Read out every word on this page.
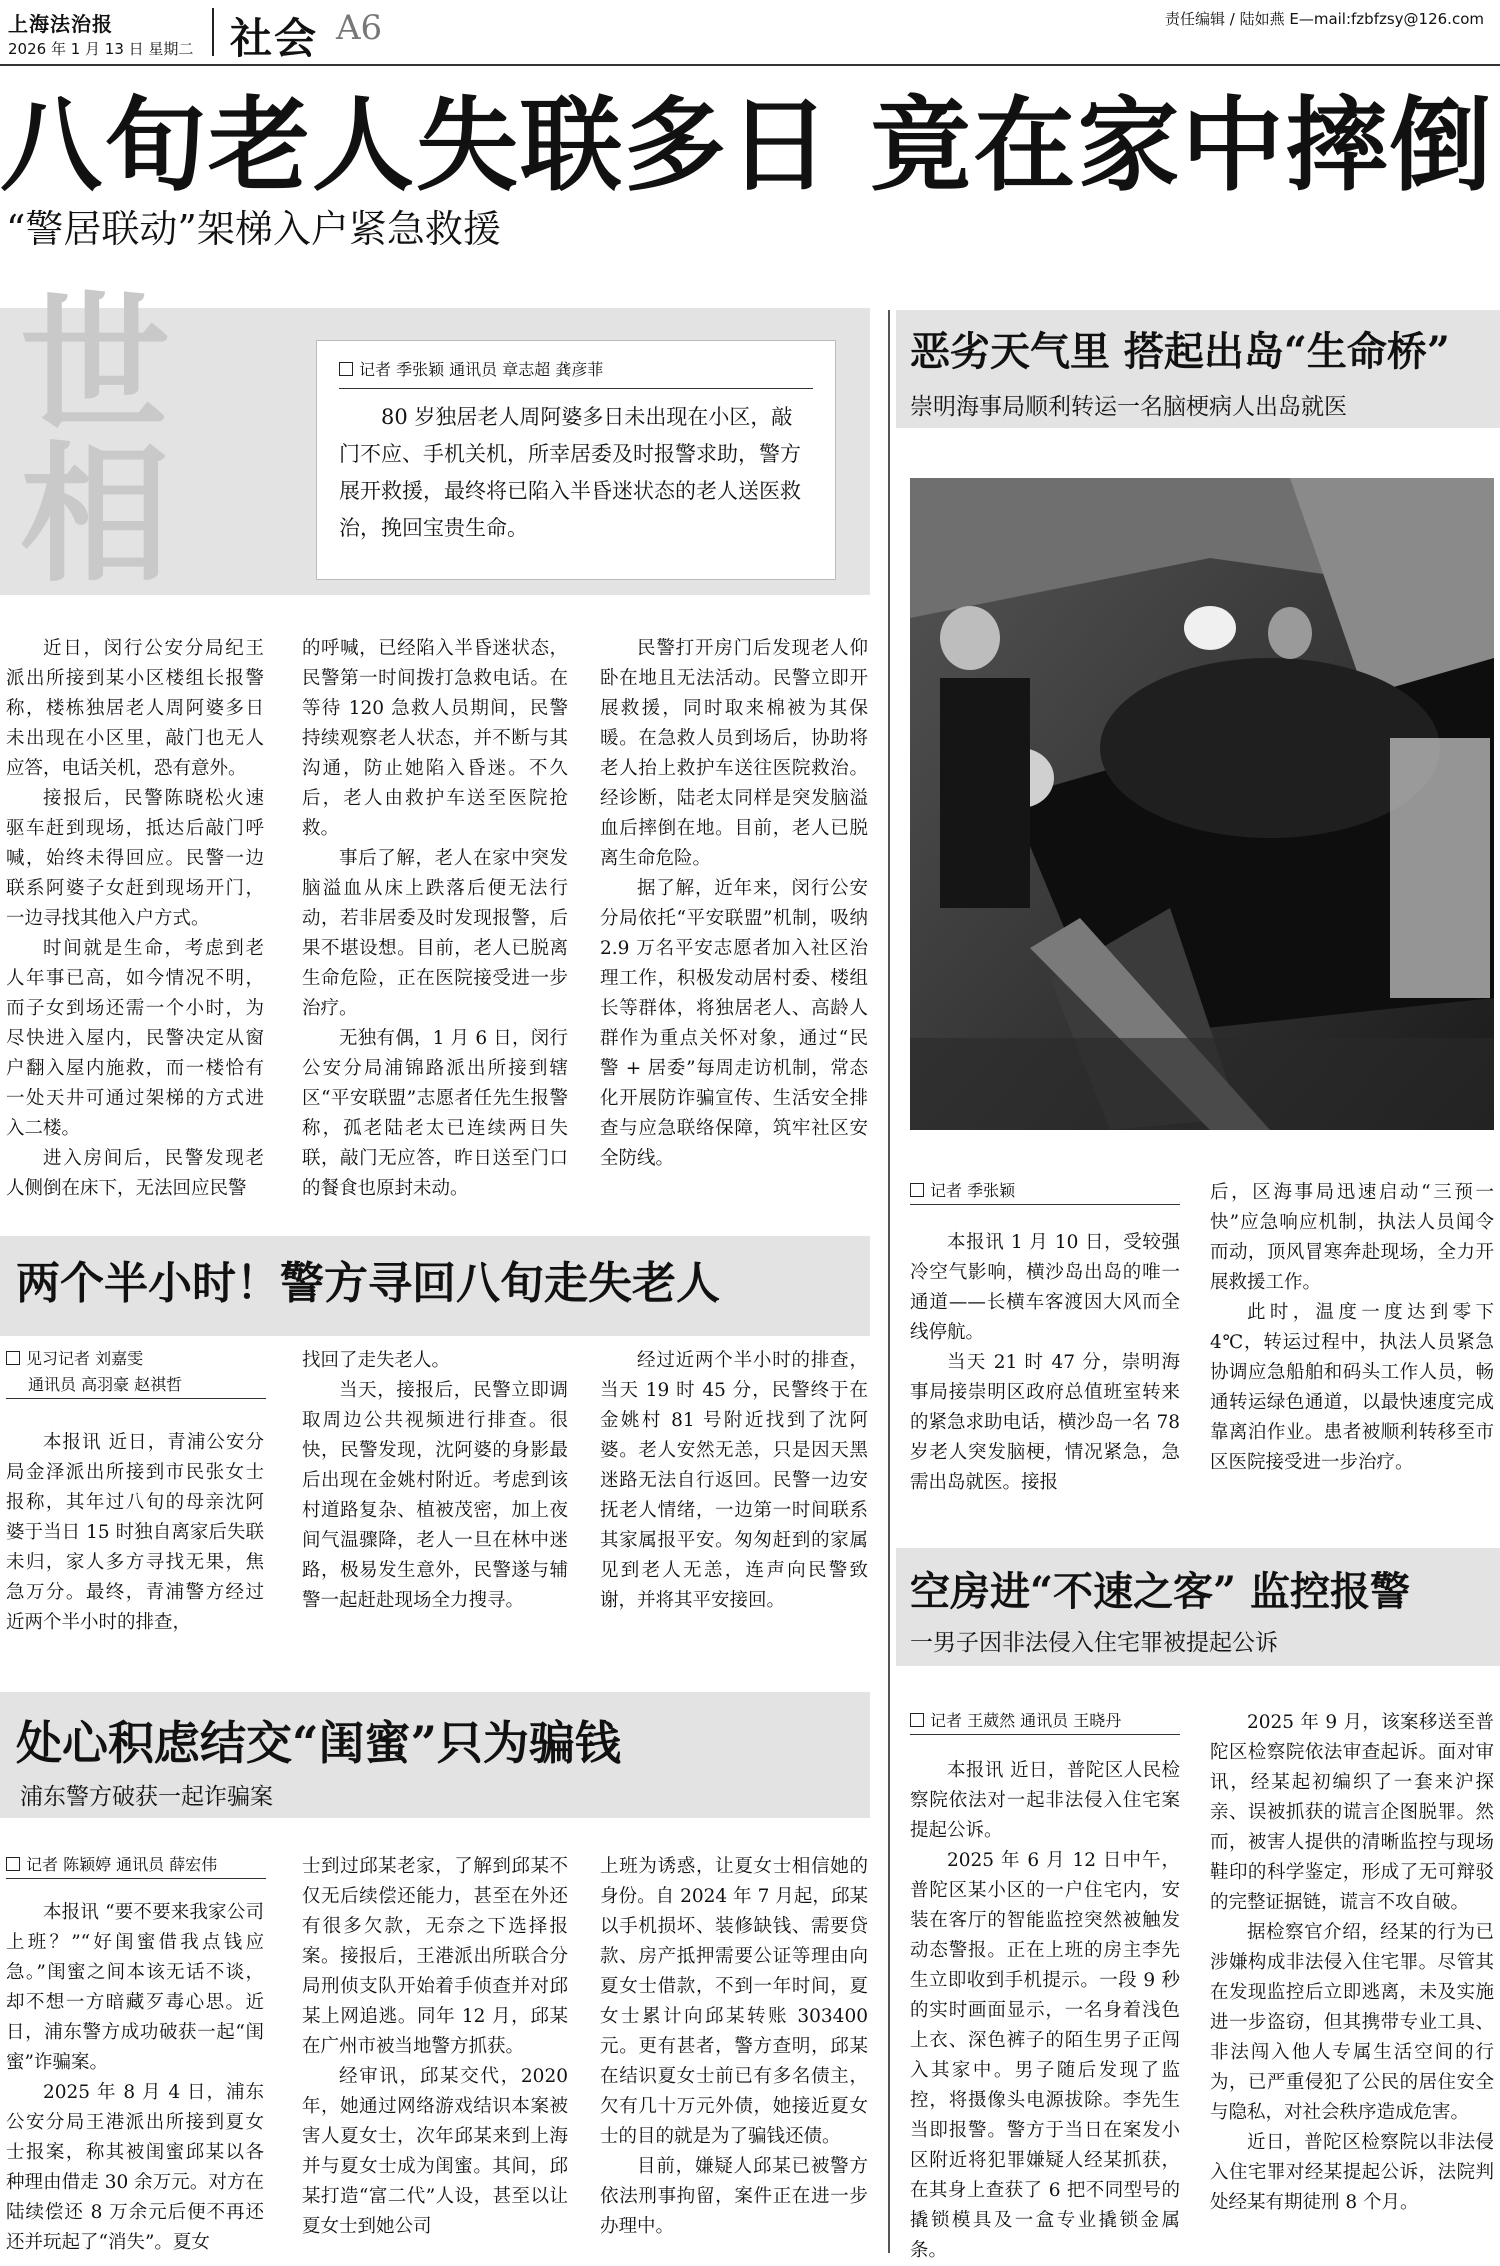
上海法治报
2026 年 1 月 13 日 星期二 社会 A6	责任编辑 / 陆如燕 E—mail:fzbfzsy@126.com
八旬老人失联多日 竟在家中摔倒
“警居联动”架梯入户紧急救援
世相
记者 季张颖 通讯员 章志超 龚彦菲
80 岁独居老人周阿婆多日未出现在小区，敲门不应、手机关机，所幸居委及时报警求助，警方展开救援，最终将已陷入半昏迷状态的老人送医救治，挽回宝贵生命。

近日，闵行公安分局纪王派出所接到某小区楼组长报警称，楼栋独居老人周阿婆多日未出现在小区里，敲门也无人应答，电话关机，恐有意外。

接报后，民警陈晓松火速驱车赶到现场，抵达后敲门呼喊，始终未得回应。民警一边联系阿婆子女赶到现场开门，一边寻找其他入户方式。

时间就是生命，考虑到老人年事已高，如今情况不明，而子女到场还需一个小时，为尽快进入屋内，民警决定从窗户翻入屋内施救，而一楼恰有一处天井可通过架梯的方式进入二楼。

进入房间后，民警发现老人侧倒在床下，无法回应民警

的呼喊，已经陷入半昏迷状态，民警第一时间拨打急救电话。在等待 120 急救人员期间，民警持续观察老人状态，并不断与其沟通，防止她陷入昏迷。不久后，老人由救护车送至医院抢救。

事后了解，老人在家中突发脑溢血从床上跌落后便无法行动，若非居委及时发现报警，后果不堪设想。目前，老人已脱离生命危险，正在医院接受进一步治疗。

无独有偶，1 月 6 日，闵行公安分局浦锦路派出所接到辖区“平安联盟”志愿者任先生报警称，孤老陆老太已连续两日失联，敲门无应答，昨日送至门口的餐食也原封未动。

民警打开房门后发现老人仰卧在地且无法活动。民警立即开展救援，同时取来棉被为其保暖。在急救人员到场后，协助将老人抬上救护车送往医院救治。经诊断，陆老太同样是突发脑溢血后摔倒在地。目前，老人已脱离生命危险。

据了解，近年来，闵行公安分局依托“平安联盟”机制，吸纳 2.9 万名平安志愿者加入社区治理工作，积极发动居村委、楼组长等群体，将独居老人、高龄人群作为重点关怀对象，通过“民警 + 居委”每周走访机制，常态化开展防诈骗宣传、生活安全排查与应急联络保障，筑牢社区安全防线。

恶劣天气里 搭起出岛“生命桥”
崇明海事局顺利转运一名脑梗病人出岛就医
记者 季张颖

本报讯 1 月 10 日，受较强冷空气影响，横沙岛出岛的唯一通道——长横车客渡因大风而全线停航。

当天 21 时 47 分，崇明海事局接崇明区政府总值班室转来的紧急求助电话，横沙岛一名 78 岁老人突发脑梗，情况紧急，急需出岛就医。接报

后，区海事局迅速启动“三预一快”应急响应机制，执法人员闻令而动，顶风冒寒奔赴现场，全力开展救援工作。

此时，温度一度达到零下 4℃，转运过程中，执法人员紧急协调应急船舶和码头工作人员，畅通转运绿色通道，以最快速度完成靠离泊作业。患者被顺利转移至市区医院接受进一步治疗。

两个半小时！警方寻回八旬走失老人
见习记者 刘嘉雯
通讯员 高羽豪 赵祺哲

本报讯 近日，青浦公安分局金泽派出所接到市民张女士报称，其年过八旬的母亲沈阿婆于当日 15 时独自离家后失联未归，家人多方寻找无果，焦急万分。最终，青浦警方经过近两个半小时的排查，

找回了走失老人。

当天，接报后，民警立即调取周边公共视频进行排查。很快，民警发现，沈阿婆的身影最后出现在金姚村附近。考虑到该村道路复杂、植被茂密，加上夜间气温骤降，老人一旦在林中迷路，极易发生意外，民警遂与辅警一起赶赴现场全力搜寻。

经过近两个半小时的排查，当天 19 时 45 分，民警终于在金姚村 81 号附近找到了沈阿婆。老人安然无恙，只是因天黑迷路无法自行返回。民警一边安抚老人情绪，一边第一时间联系其家属报平安。匆匆赶到的家属见到老人无恙，连声向民警致谢，并将其平安接回。	空房进“不速之客” 监控报警
一男子因非法侵入住宅罪被提起公诉
记者 王葳然 通讯员 王晓丹

本报讯 近日，普陀区人民检察院依法对一起非法侵入住宅案提起公诉。

2025 年 6 月 12 日中午，普陀区某小区的一户住宅内，安装在客厅的智能监控突然被触发动态警报。正在上班的房主李先生立即收到手机提示。一段 9 秒的实时画面显示，一名身着浅色上衣、深色裤子的陌生男子正闯入其家中。男子随后发现了监控，将摄像头电源拔除。李先生当即报警。警方于当日在案发小区附近将犯罪嫌疑人经某抓获，在其身上查获了 6 把不同型号的撬锁模具及一盒专业撬锁金属条。

2025 年 9 月，该案移送至普陀区检察院依法审查起诉。面对审讯，经某起初编织了一套来沪探亲、误被抓获的谎言企图脱罪。然而，被害人提供的清晰监控与现场鞋印的科学鉴定，形成了无可辩驳的完整证据链，谎言不攻自破。

据检察官介绍，经某的行为已涉嫌构成非法侵入住宅罪。尽管其在发现监控后立即逃离，未及实施进一步盗窃，但其携带专业工具、非法闯入他人专属生活空间的行为，已严重侵犯了公民的居住安全与隐私，对社会秩序造成危害。

近日，普陀区检察院以非法侵入住宅罪对经某提起公诉，法院判处经某有期徒刑 8 个月。

处心积虑结交“闺蜜”只为骗钱
浦东警方破获一起诈骗案
记者 陈颖婷 通讯员 薛宏伟

本报讯 “要不要来我家公司上班？”“好闺蜜借我点钱应急。”闺蜜之间本该无话不谈，却不想一方暗藏歹毒心思。近日，浦东警方成功破获一起“闺蜜”诈骗案。

2025 年 8 月 4 日，浦东公安分局王港派出所接到夏女士报案，称其被闺蜜邱某以各种理由借走 30 余万元。对方在陆续偿还 8 万余元后便不再还还并玩起了“消失”。夏女

士到过邱某老家，了解到邱某不仅无后续偿还能力，甚至在外还有很多欠款，无奈之下选择报案。接报后，王港派出所联合分局刑侦支队开始着手侦查并对邱某上网追逃。同年 12 月，邱某在广州市被当地警方抓获。

经审讯，邱某交代，2020 年，她通过网络游戏结识本案被害人夏女士，次年邱某来到上海并与夏女士成为闺蜜。其间，邱某打造“富二代”人设，甚至以让夏女士到她公司

上班为诱惑，让夏女士相信她的身份。自 2024 年 7 月起，邱某以手机损坏、装修缺钱、需要贷款、房产抵押需要公证等理由向夏女士借款，不到一年时间，夏女士累计向邱某转账 303400 元。更有甚者，警方查明，邱某在结识夏女士前已有多名债主，欠有几十万元外债，她接近夏女士的目的就是为了骗钱还债。

目前，嫌疑人邱某已被警方依法刑事拘留，案件正在进一步办理中。
